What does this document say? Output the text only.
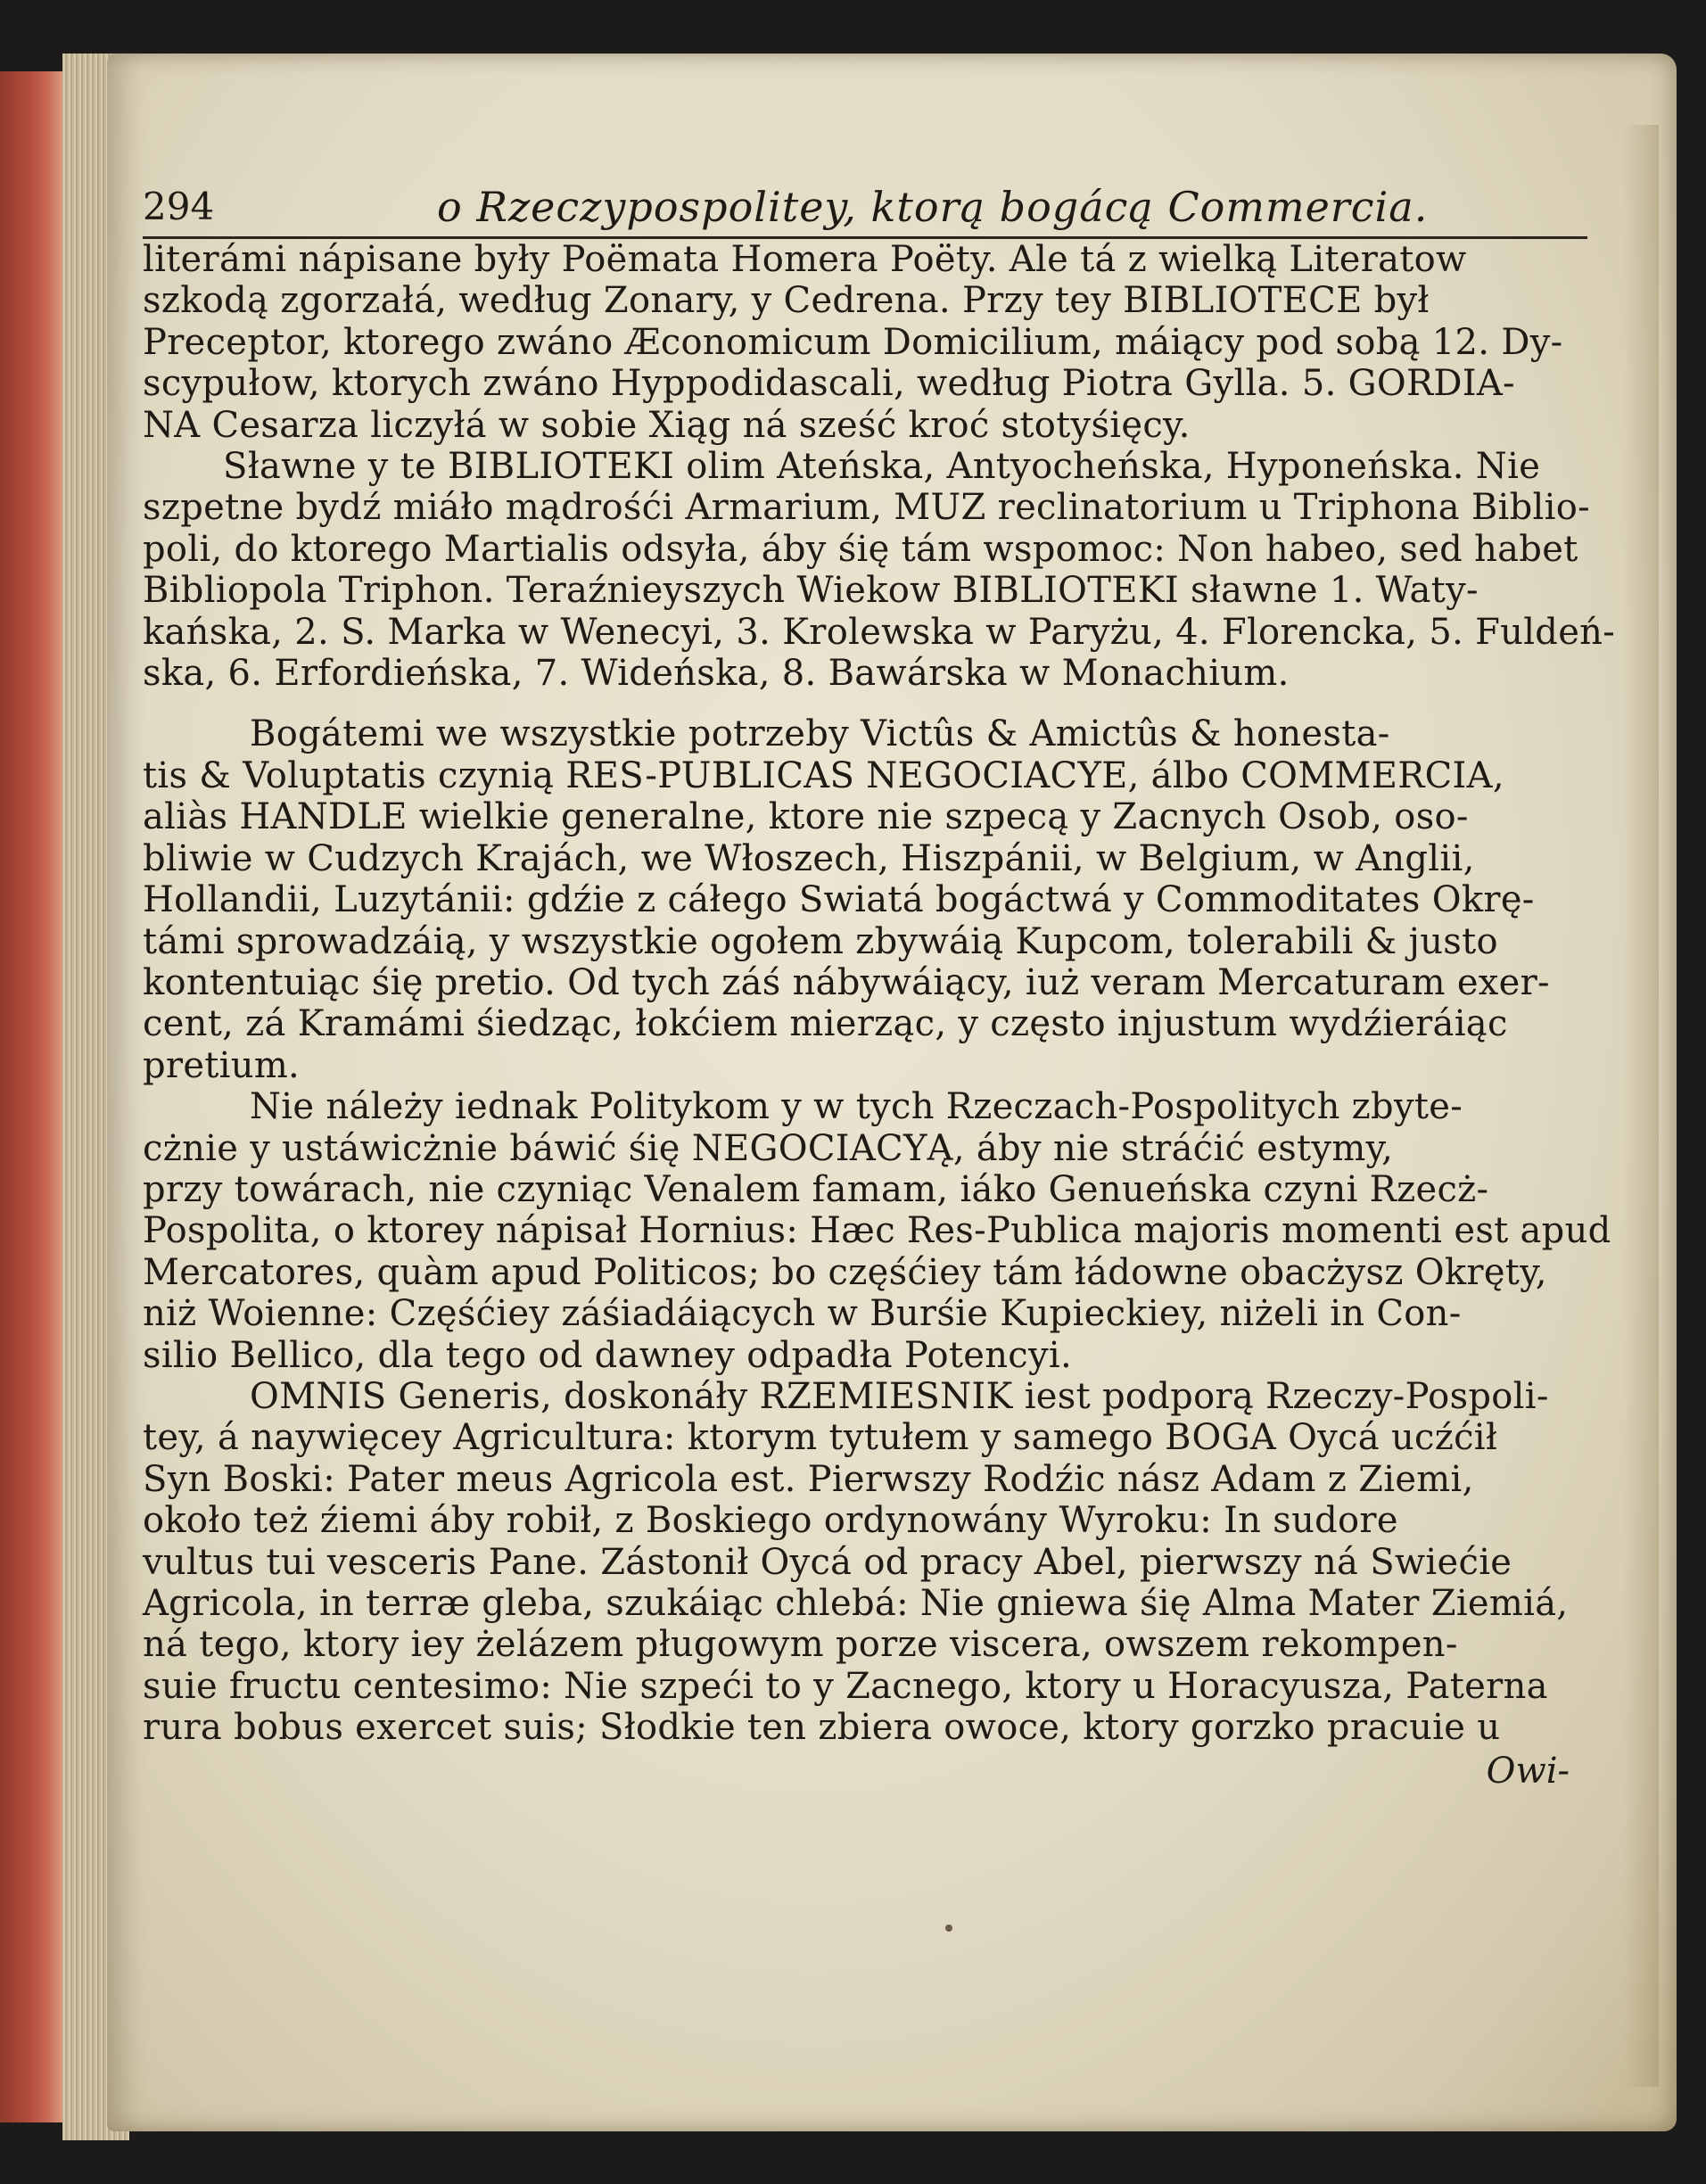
294	o Rzeczypospolitey, ktorą bogácą Commercia.
literámi nápisane były Poëmata Homera Poëty. Ale tá z wielką Literatow
szkodą zgorzałá, według Zonary, y Cedrena. Przy tey BIBLIOTECE był
Preceptor, ktorego zwáno Æconomicum Domicilium, máiący pod sobą 12. Dy-
scypułow, ktorych zwáno Hyppodidascali, według Piotra Gylla. 5. GORDIA-
NA Cesarza liczyłá w sobie Xiąg ná sześć kroć stotyśięcy.
Sławne y te BIBLIOTEKI olim Ateńska, Antyocheńska, Hyponeńska. Nie
szpetne bydź miáło mądrośći Armarium, MUZ reclinatorium u Triphona Biblio-
poli, do ktorego Martialis odsyła, áby śię tám wspomoc: Non habeo, sed habet
Bibliopola Triphon. Teraźnieyszych Wiekow BIBLIOTEKI sławne 1. Waty-
kańska, 2. S. Marka w Wenecyi, 3. Krolewska w Paryżu, 4. Florencka, 5. Fuldeń-
ska, 6. Erfordieńska, 7. Wideńska, 8. Bawárska w Monachium.
Bogátemi we wszystkie potrzeby Victûs & Amictûs & honesta-
tis & Voluptatis czynią RES-PUBLICAS NEGOCIACYE, álbo COMMERCIA,
aliàs HANDLE wielkie generalne, ktore nie szpecą y Zacnych Osob, oso-
bliwie w Cudzych Krajách, we Włoszech, Hiszpánii, w Belgium, w Anglii,
Hollandii, Luzytánii: gdźie z cáłego Swiatá bogáctwá y Commoditates Okrę-
támi sprowadzáią, y wszystkie ogołem zbywáią Kupcom, tolerabili & justo
kontentuiąc śię pretio. Od tych záś nábywáiący, iuż veram Mercaturam exer-
cent, zá Kramámi śiedząc, łokćiem mierząc, y często injustum wydźieráiąc
pretium.
Nie náleży iednak Politykom y w tych Rzeczach-Pospolitych zbyte-
cżnie y ustáwicżnie báwić śię NEGOCIACYĄ, áby nie stráćić estymy,
przy towárach, nie czyniąc Venalem famam, iáko Genueńska czyni Rzecż-
Pospolita, o ktorey nápisał Hornius: Hæc Res-Publica majoris momenti est apud
Mercatores, quàm apud Politicos; bo częśćiey tám łádowne obacżysz Okręty,
niż Woienne: Częśćiey záśiadáiących w Burśie Kupieckiey, niżeli in Con-
silio Bellico, dla tego od dawney odpadła Potencyi.
OMNIS Generis, doskonáły RZEMIESNIK iest podporą Rzeczy-Pospoli-
tey, á naywięcey Agricultura: ktorym tytułem y samego BOGA Oycá ucźćił
Syn Boski: Pater meus Agricola est. Pierwszy Rodźic nász Adam z Ziemi,
około też źiemi áby robił, z Boskiego ordynowány Wyroku: In sudore
vultus tui vesceris Pane. Zástonił Oycá od pracy Abel, pierwszy ná Swiećie
Agricola, in terræ gleba, szukáiąc chlebá: Nie gniewa śię Alma Mater Ziemiá,
ná tego, ktory iey żelázem pługowym porze viscera, owszem rekompen-
suie fructu centesimo: Nie szpeći to y Zacnego, ktory u Horacyusza, Paterna
rura bobus exercet suis; Słodkie ten zbiera owoce, ktory gorzko pracuie u
Owi-
